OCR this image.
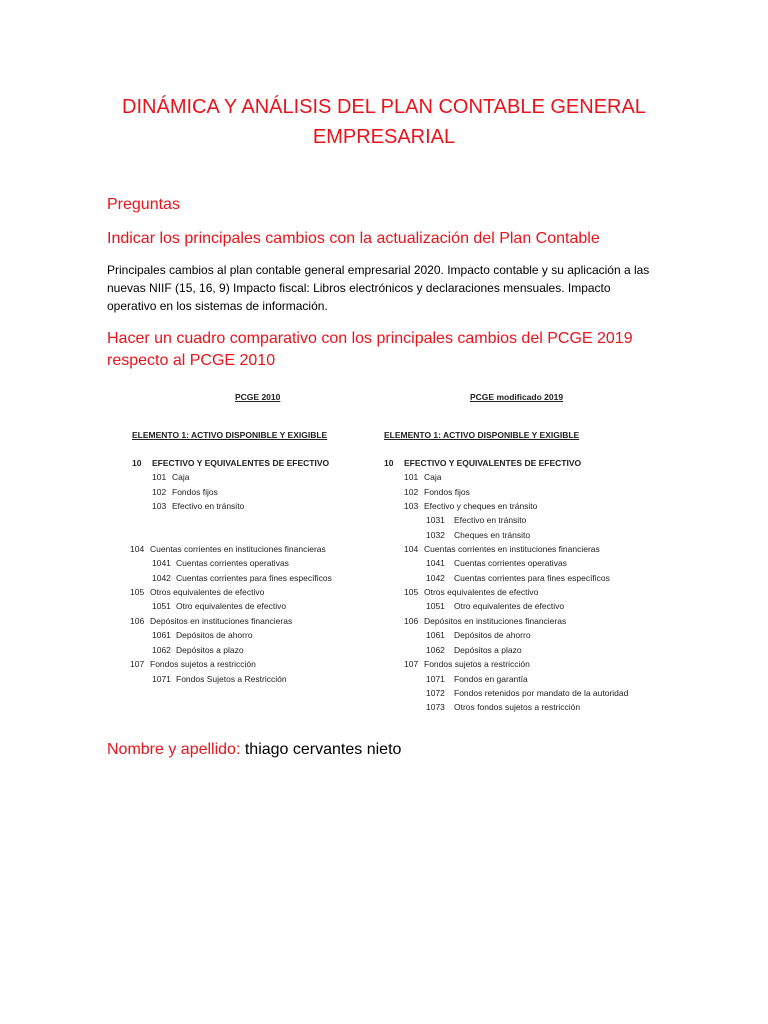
DINÁMICA Y ANÁLISIS DEL PLAN CONTABLE GENERAL
EMPRESARIAL
Preguntas
Indicar los principales cambios con la actualización del Plan Contable
Principales cambios al plan contable general empresarial 2020. Impacto contable y su aplicación a las nuevas NIIF (15, 16, 9) Impacto fiscal: Libros electrónicos y declaraciones mensuales. Impacto operativo en los sistemas de información.
Hacer un cuadro comparativo con los principales cambios del PCGE 2019
respecto al PCGE 2010
PCGE 2010
ELEMENTO 1: ACTIVO DISPONIBLE Y EXIGIBLE
10 EFECTIVO Y EQUIVALENTES DE EFECTIVO
101 Caja
102 Fondos fijos
103 Efectivo en tránsito
104 Cuentas corrientes en instituciones financieras
1041 Cuentas corrientes operativas
1042 Cuentas corrientes para fines específicos
105 Otros equivalentes de efectivo
1051 Otro equivalentes de efectivo
106 Depósitos en instituciones financieras
1061 Depósitos de ahorro
1062 Depósitos a plazo
107 Fondos sujetos a restricción
1071 Fondos Sujetos a Restricción
PCGE modificado 2019
ELEMENTO 1: ACTIVO DISPONIBLE Y EXIGIBLE
10 EFECTIVO Y EQUIVALENTES DE EFECTIVO
101 Caja
102 Fondos fijos
103 Efectivo y cheques en tránsito
1031 Efectivo en tránsito
1032 Cheques en tránsito
104 Cuentas corrientes en instituciones financieras
1041 Cuentas corrientes operativas
1042 Cuentas corrientes para fines específicos
105 Otros equivalentes de efectivo
1051 Otro equivalentes de efectivo
106 Depósitos en instituciones financieras
1061 Depósitos de ahorro
1062 Depósitos a plazo
107 Fondos sujetos a restricción
1071 Fondos en garantía
1072 Fondos retenidos por mandato de la autoridad
1073 Otros fondos sujetos a restricción
Nombre y apellido: thiago cervantes nieto
